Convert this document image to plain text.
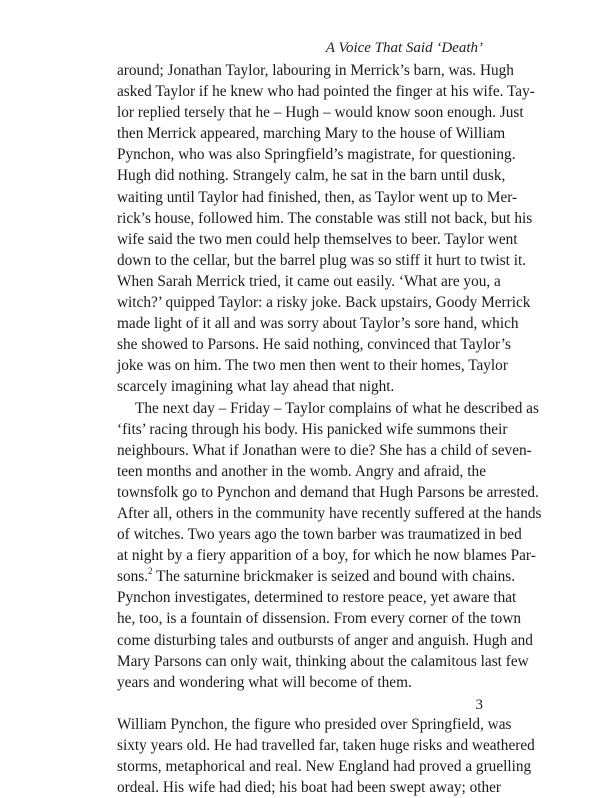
A Voice That Said ‘Death’
around; Jonathan Taylor, labouring in Merrick’s barn, was. Hugh
asked Taylor if he knew who had pointed the finger at his wife. Tay-
lor replied tersely that he – Hugh – would know soon enough. Just
then Merrick appeared, marching Mary to the house of William
Pynchon, who was also Springfield’s magistrate, for questioning.
Hugh did nothing. Strangely calm, he sat in the barn until dusk,
waiting until Taylor had finished, then, as Taylor went up to Mer-
rick’s house, followed him. The constable was still not back, but his
wife said the two men could help themselves to beer. Taylor went
down to the cellar, but the barrel plug was so stiff it hurt to twist it.
When Sarah Merrick tried, it came out easily. ‘What are you, a
witch?’ quipped Taylor: a risky joke. Back upstairs, Goody Merrick
made light of it all and was sorry about Taylor’s sore hand, which
she showed to Parsons. He said nothing, convinced that Taylor’s
joke was on him. The two men then went to their homes, Taylor
scarcely imagining what lay ahead that night.
The next day – Friday – Taylor complains of what he described as
‘fits’ racing through his body. His panicked wife summons their
neighbours. What if Jonathan were to die? She has a child of seven-
teen months and another in the womb. Angry and afraid, the
townsfolk go to Pynchon and demand that Hugh Parsons be arrested.
After all, others in the community have recently suffered at the hands
of witches. Two years ago the town barber was traumatized in bed
at night by a fiery apparition of a boy, for which he now blames Par-
sons.$^2$ The saturnine brickmaker is seized and bound with chains.
Pynchon investigates, determined to restore peace, yet aware that
he, too, is a fountain of dissension. From every corner of the town
come disturbing tales and outbursts of anger and anguish. Hugh and
Mary Parsons can only wait, thinking about the calamitous last few
years and wondering what will become of them.
William Pynchon, the figure who presided over Springfield, was
sixty years old. He had travelled far, taken huge risks and weathered
storms, metaphorical and real. New England had proved a gruelling
ordeal. His wife had died; his boat had been swept away; other
3
